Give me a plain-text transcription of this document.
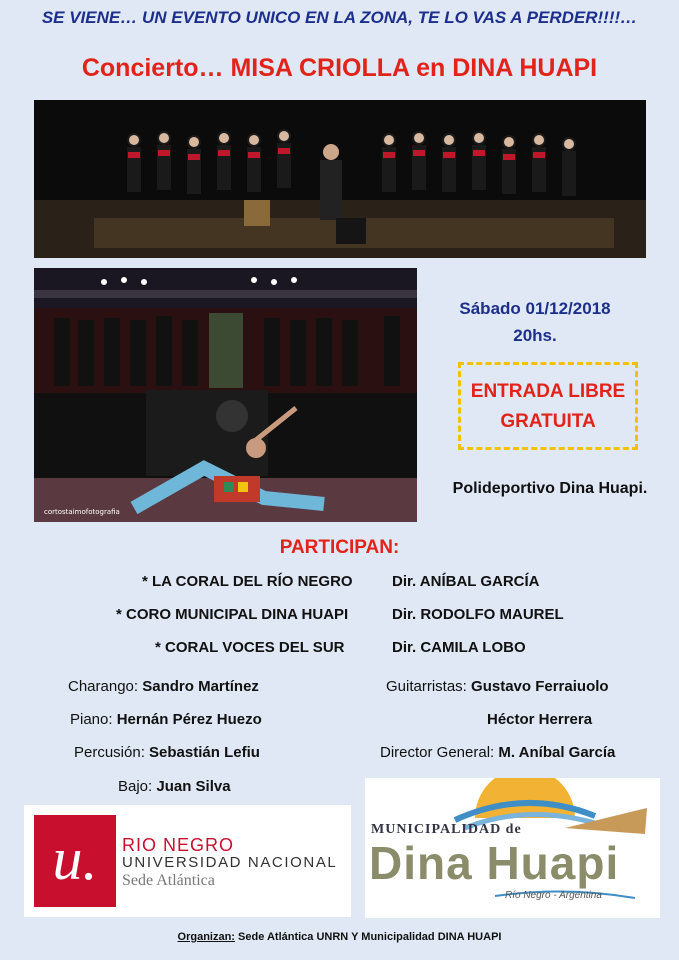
SE VIENE… UN EVENTO UNICO EN LA ZONA, TE LO VAS A PERDER!!!!…
Concierto… MISA CRIOLLA en DINA HUAPI
cortostaimofotografia
Sábado 01/12/2018
20hs.
ENTRADA LIBRE
GRATUITA
Polideportivo Dina Huapi.
PARTICIPAN:
* LA CORAL DEL RÍO NEGRO	Dir. ANÍBAL GARCÍA
* CORO MUNICIPAL DINA HUAPI	Dir. RODOLFO MAUREL
* CORAL VOCES DEL SUR	Dir. CAMILA LOBO
Charango: Sandro Martínez
Piano: Hernán Pérez Huezo
Percusión: Sebastián Lefiu
Bajo: Juan Silva
Guitarristas: Gustavo Ferraiuolo
Héctor Herrera
Director General: M. Aníbal García
u.	RIO NEGRO
UNIVERSIDAD NACIONAL
Sede Atlántica
MUNICIPALIDAD de
Dina Huapi
Río Negro - Argentina
Organizan: Sede Atlántica UNRN Y Municipalidad DINA HUAPI
